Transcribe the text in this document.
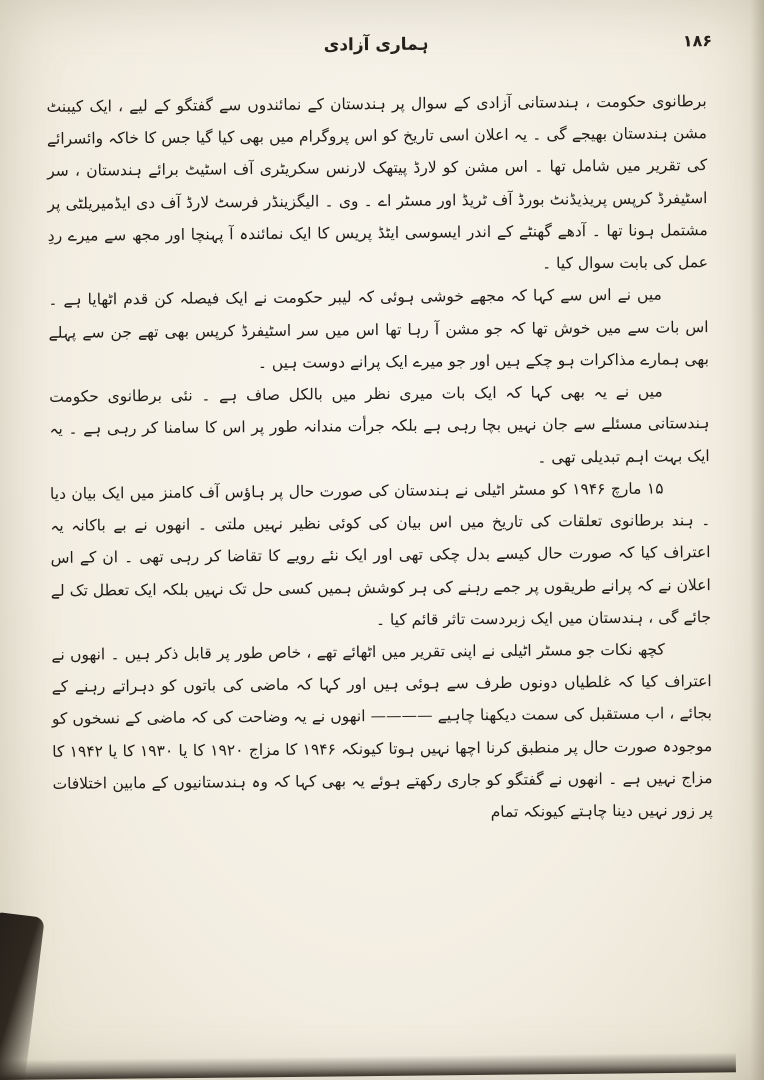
ہماری آزادی	۱۸۶

برطانوی حکومت ، ہندستانی آزادی کے سوال پر ہندستان کے نمائندوں سے گفتگو کے لیے ، ایک کیبنٹ مشن ہندستان بھیجے گی ۔ یہ اعلان اسی تاریخ کو اس پروگرام میں بھی کیا گیا جس کا خاکہ وائسرائے کی تقریر میں شامل تھا ۔ اس مشن کو لارڈ پیتھک لارنس سکریٹری آف اسٹیٹ برائے ہندستان ، سر اسٹیفرڈ کرپس پریذیڈنٹ بورڈ آف ٹریڈ اور مسٹر اے ۔ وی ۔ الیگزینڈر فرسٹ لارڈ آف دی ایڈمیریلٹی پر مشتمل ہونا تھا ۔ آدھے گھنٹے کے اندر ایسوسی ایٹڈ پریس کا ایک نمائندہ آ پہنچا اور مجھ سے میرے ردِ عمل کی بابت سوال کیا ۔

میں نے اس سے کہا کہ مجھے خوشی ہوئی کہ لیبر حکومت نے ایک فیصلہ کن قدم اٹھایا ہے ۔ اس بات سے میں خوش تھا کہ جو مشن آ رہا تھا اس میں سر اسٹیفرڈ کرپس بھی تھے جن سے پہلے بھی ہمارے مذاکرات ہو چکے ہیں اور جو میرے ایک پرانے دوست ہیں ۔

میں نے یہ بھی کہا کہ ایک بات میری نظر میں بالکل صاف ہے ۔ نئی برطانوی حکومت ہندستانی مسئلے سے جان نہیں بچا رہی ہے بلکہ جرأت مندانہ طور پر اس کا سامنا کر رہی ہے ۔ یہ ایک بہت اہم تبدیلی تھی ۔

۱۵ مارچ ۱۹۴۶ کو مسٹر اٹیلی نے ہندستان کی صورت حال پر ہاؤس آف کامنز میں ایک بیان دیا ۔ ہند برطانوی تعلقات کی تاریخ میں اس بیان کی کوئی نظیر نہیں ملتی ۔ انھوں نے بے باکانہ یہ اعتراف کیا کہ صورت حال کیسے بدل چکی تھی اور ایک نئے رویے کا تقاضا کر رہی تھی ۔ ان کے اس اعلان نے کہ پرانے طریقوں پر جمے رہنے کی ہر کوشش ہمیں کسی حل تک نہیں بلکہ ایک تعطل تک لے جائے گی ، ہندستان میں ایک زبردست تاثر قائم کیا ۔

کچھ نکات جو مسٹر اٹیلی نے اپنی تقریر میں اٹھائے تھے ، خاص طور پر قابل ذکر ہیں ۔ انھوں نے اعتراف کیا کہ غلطیاں دونوں طرف سے ہوئی ہیں اور کہا کہ ماضی کی باتوں کو دہراتے رہنے کے بجائے ، اب مستقبل کی سمت دیکھنا چاہیے ———— انھوں نے یہ وضاحت کی کہ ماضی کے نسخوں کو موجودہ صورت حال پر منطبق کرنا اچھا نہیں ہوتا کیونکہ ۱۹۴۶ کا مزاج ۱۹۲۰ کا یا ۱۹۳۰ کا یا ۱۹۴۲ کا مزاج نہیں ہے ۔ انھوں نے گفتگو کو جاری رکھتے ہوئے یہ بھی کہا کہ وہ ہندستانیوں کے مابین اختلافات پر زور نہیں دینا چاہتے کیونکہ تمام
